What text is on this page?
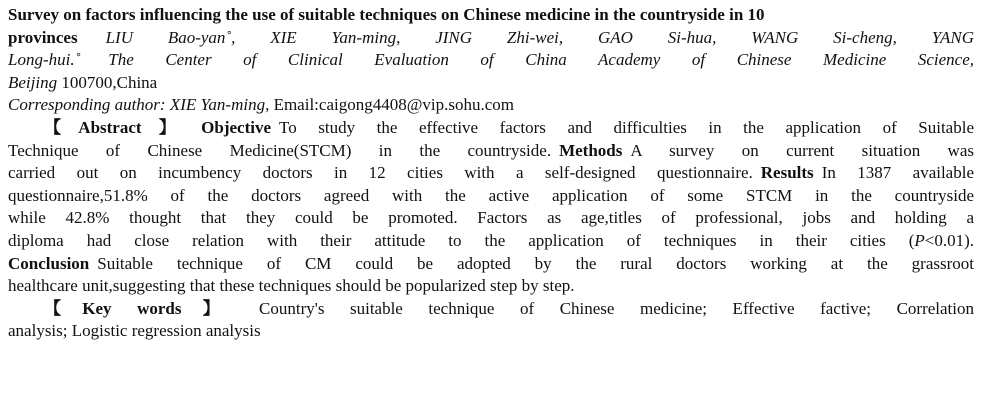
Survey on factors influencing the use of suitable techniques on Chinese medicine in the countryside in 10
provinces LIU Bao-yan˚, XIE Yan-ming, JING Zhi-wei, GAO Si-hua, WANG Si-cheng, YANG
Long-hui.˚ The Center of Clinical Evaluation of China Academy of Chinese Medicine Science,
Beijing 100700,China
Corresponding author: XIE Yan-ming, Email:caigong4408@vip.sohu.com
【Abstract】 Objective To study the effective factors and difficulties in the application of Suitable
Technique of Chinese Medicine(STCM) in the countryside. Methods A survey on current situation was
carried out on incumbency doctors in 12 cities with a self-designed questionnaire. Results In 1387 available
questionnaire,51.8% of the doctors agreed with the active application of some STCM in the countryside
while 42.8% thought that they could be promoted. Factors as age,titles of professional, jobs and holding a
diploma had close relation with their attitude to the application of techniques in their cities (P<0.01).
Conclusion Suitable technique of CM could be adopted by the rural doctors working at the grassroot
healthcare unit,suggesting that these techniques should be popularized step by step.
【Key words】 Country's suitable technique of Chinese medicine; Effective factive; Correlation
analysis; Logistic regression analysis
